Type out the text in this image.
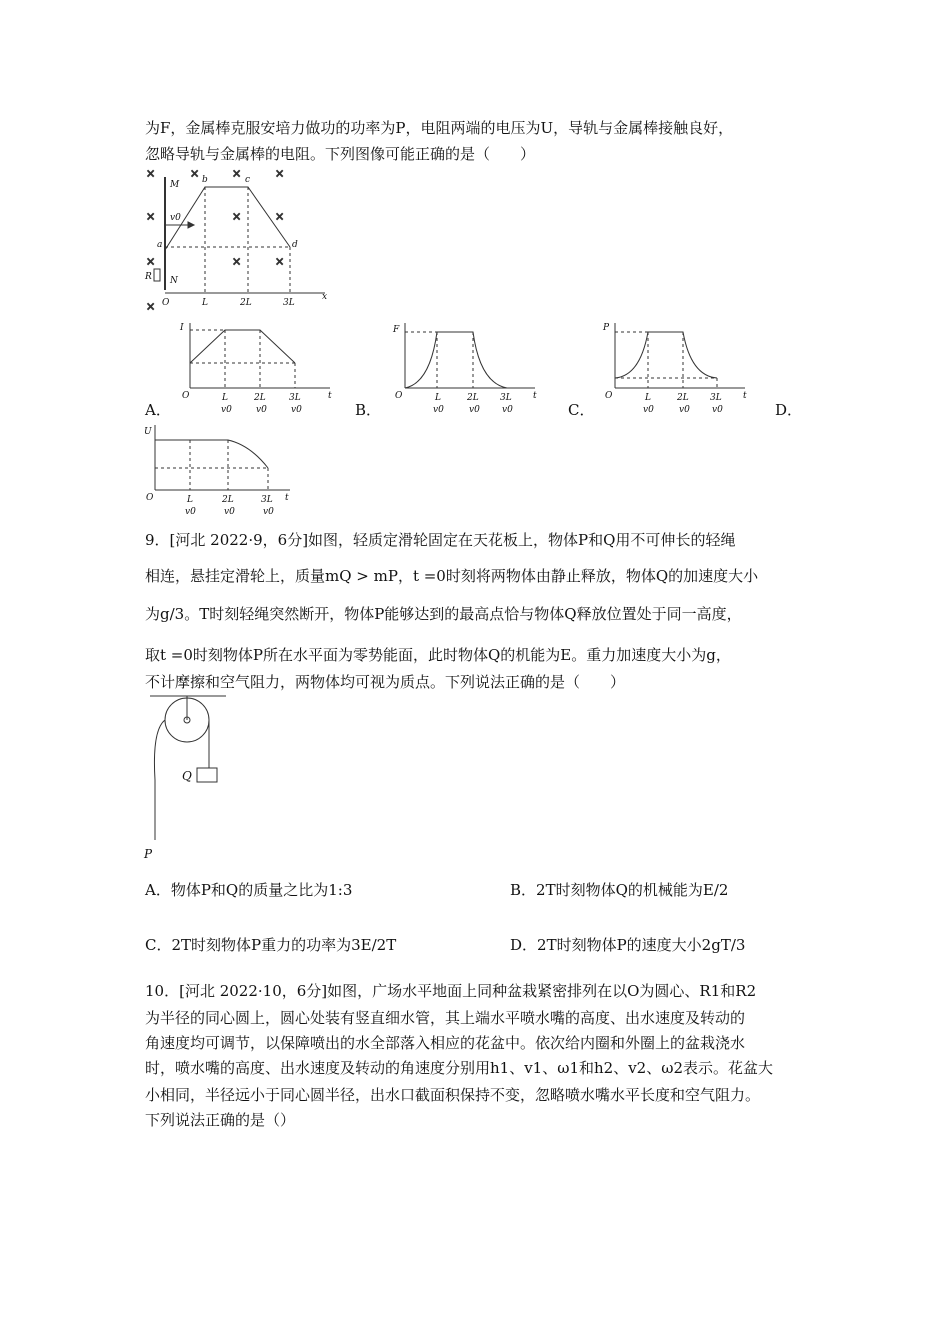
为F，金属棒克服安培力做功的功率为P，电阻两端的电压为U，导轨与金属棒接触良好，
忽略导轨与金属棒的电阻。下列图像可能正确的是（　　）
×
×
×
×
×
×
×
×
×
×	×
M
N
R
O
a
b	c
d
v0
L	2L	3L
x
I
O	t
L	2L	3L
v0	v0	v0
A．
F
O	t
L	2L 3L
v0	v0 v0
B．
P
O	t
L	2L 3L
v0	v0 v0
C．	D．
U
O	t
L	2L	3L
v0	v0	v0
9．[河北 2022·9，6分]如图，轻质定滑轮固定在天花板上，物体P和Q用不可伸长的轻绳
相连，悬挂定滑轮上，质量mQ > mP，t =0时刻将两物体由静止释放，物体Q的加速度大小
为g/3。T时刻轻绳突然断开，物体P能够达到的最高点恰与物体Q释放位置处于同一高度，
取t =0时刻物体P所在水平面为零势能面，此时物体Q的机能为E。重力加速度大小为g，
不计摩擦和空气阻力，两物体均可视为质点。下列说法正确的是（　　）
Q
P
A．物体P和Q的质量之比为1:3	B．2T时刻物体Q的机械能为E/2
C．2T时刻物体P重力的功率为3E/2T	D．2T时刻物体P的速度大小2gT/3
10．[河北 2022·10，6分]如图，广场水平地面上同种盆栽紧密排列在以O为圆心、R1和R2
为半径的同心圆上，圆心处装有竖直细水管，其上端水平喷水嘴的高度、出水速度及转动的
角速度均可调节，以保障喷出的水全部落入相应的花盆中。依次给内圈和外圈上的盆栽浇水
时，喷水嘴的高度、出水速度及转动的角速度分别用h1、v1、ω1和h2、v2、ω2表示。花盆大
小相同，半径远小于同心圆半径，出水口截面积保持不变，忽略喷水嘴水平长度和空气阻力。
下列说法正确的是（）
